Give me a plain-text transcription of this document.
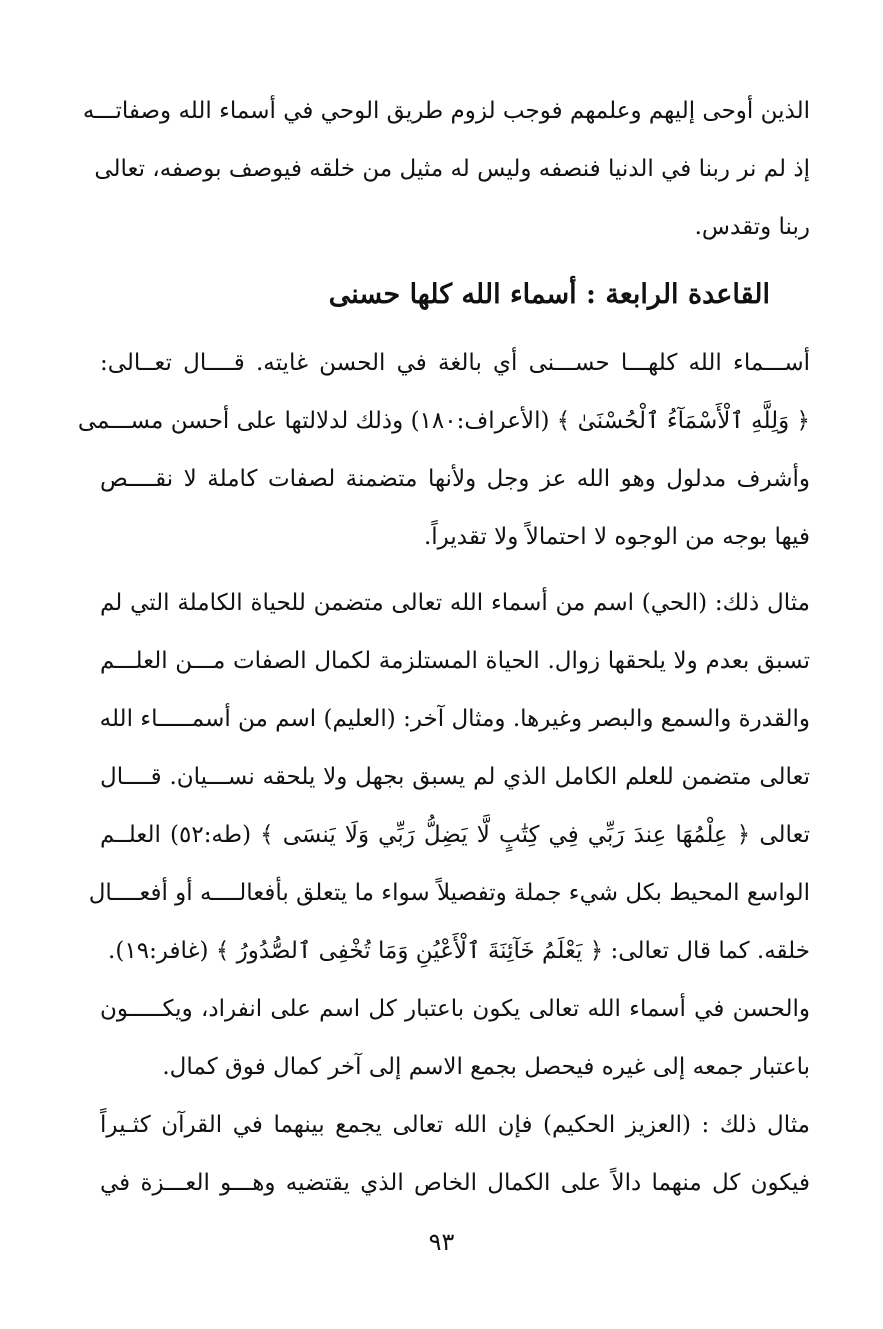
الذين أوحى إليهم وعلمهم فوجب لزوم طريق الوحي في أسماء الله وصفاتـــه
إذ لم نر ربنا في الدنيا فنصفه وليس له مثيل من خلقه فيوصف بوصفه، تعالى
ربنا وتقدس.
القاعدة الرابعة : أسماء الله كلها حسنى
أســـماء الله كلهـــا حســـنى أي بالغة في الحسن غايته. قــــال تعــالى:
﴿ وَلِلَّهِ ٱلْأَسْمَآءُ ٱلْحُسْنَىٰ ﴾ (الأعراف:١٨٠) وذلك لدلالتها على أحسن مســـمى
وأشرف مدلول وهو الله عز وجل ولأنها متضمنة لصفات كاملة لا نقــــص
فيها بوجه من الوجوه لا احتمالاً ولا تقديراً.
مثال ذلك: (الحي) اسم من أسماء الله تعالى متضمن للحياة الكاملة التي لم
تسبق بعدم ولا يلحقها زوال. الحياة المستلزمة لكمال الصفات مـــن العلـــم
والقدرة والسمع والبصر وغيرها. ومثال آخر: (العليم) اسم من أسمـــــاء الله
تعالى متضمن للعلم الكامل الذي لم يسبق بجهل ولا يلحقه نســـيان. قــــال
تعالى ﴿ عِلْمُهَا عِندَ رَبِّي فِي كِتَٰبٍ لَّا يَضِلُّ رَبِّي وَلَا يَنسَى ﴾ (طه:٥٢) العلــم
الواسع المحيط بكل شيء جملة وتفصيلاً سواء ما يتعلق بأفعالــــه أو أفعــــال
خلقه. كما قال تعالى: ﴿ يَعْلَمُ خَآئِنَةَ ٱلْأَعْيُنِ وَمَا تُخْفِى ٱلصُّدُورُ ﴾ (غافر:١٩).
والحسن في أسماء الله تعالى يكون باعتبار كل اسم على انفراد، ويكـــــون
باعتبار جمعه إلى غيره فيحصل بجمع الاسم إلى آخر كمال فوق كمال.
مثال ذلك : (العزيز الحكيم) فإن الله تعالى يجمع بينهما في القرآن كثـيراً
فيكون كل منهما دالاً على الكمال الخاص الذي يقتضيه وهـــو العـــزة في
٩٣
